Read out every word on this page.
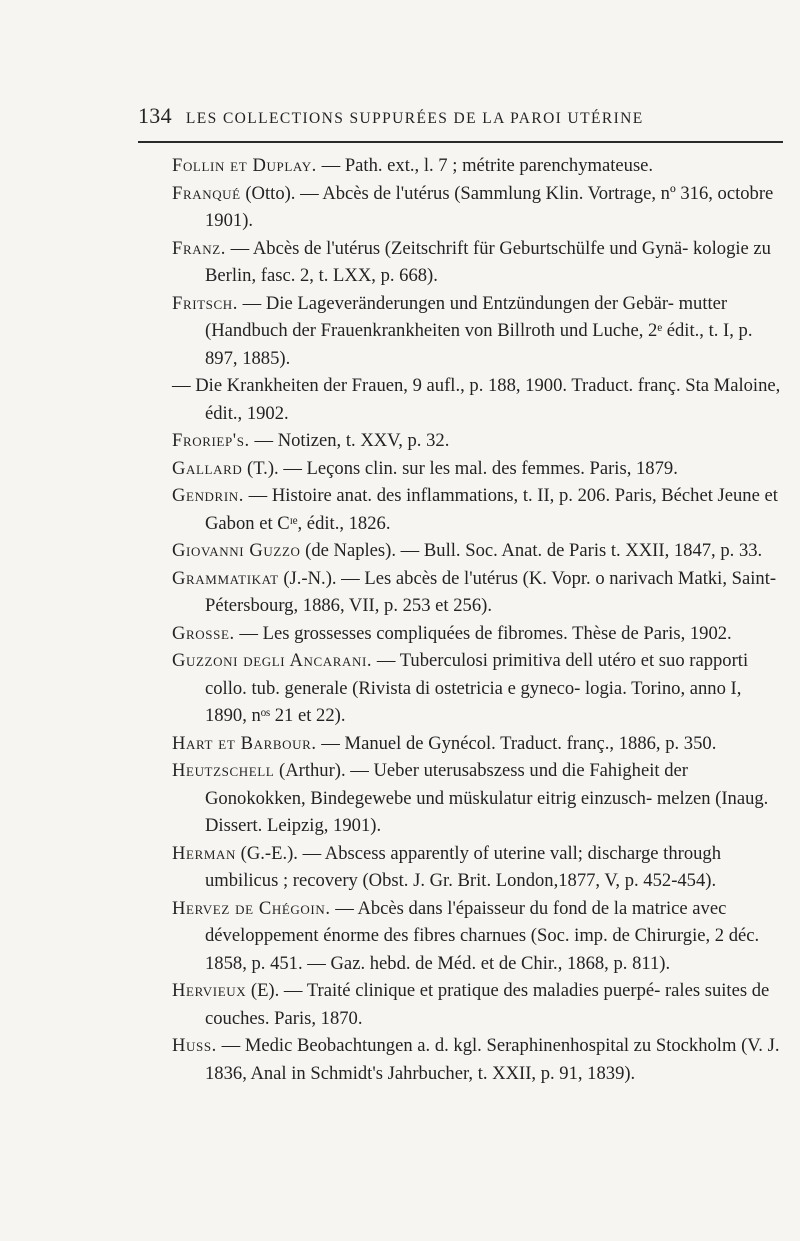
134 LES COLLECTIONS SUPPURÉES DE LA PAROI UTÉRINE

Follin et Duplay. — Path. ext., l. 7 ; métrite parenchymateuse.

Franqué (Otto). — Abcès de l'utérus (Sammlung Klin. Vortrage, nº 316, octobre 1901).

Franz. — Abcès de l'utérus (Zeitschrift für Geburtschülfe und Gynä- kologie zu Berlin, fasc. 2, t. LXX, p. 668).

Fritsch. — Die Lageveränderungen und Entzündungen der Gebär- mutter (Handbuch der Frauenkrankheiten von Billroth und Luche, 2ᵉ édit., t. I, p. 897, 1885).

— Die Krankheiten der Frauen, 9 aufl., p. 188, 1900. Traduct. franç. Sta Maloine, édit., 1902.

Froriep's. — Notizen, t. XXV, p. 32.

Gallard (T.). — Leçons clin. sur les mal. des femmes. Paris, 1879.

Gendrin. — Histoire anat. des inflammations, t. II, p. 206. Paris, Béchet Jeune et Gabon et Cᶦᵉ, édit., 1826.

Giovanni Guzzo (de Naples). — Bull. Soc. Anat. de Paris t. XXII, 1847, p. 33.

Grammatikat (J.-N.). — Les abcès de l'utérus (K. Vopr. o narivach Matki, Saint-Pétersbourg, 1886, VII, p. 253 et 256).

Grosse. — Les grossesses compliquées de fibromes. Thèse de Paris, 1902.

Guzzoni degli Ancarani. — Tuberculosi primitiva dell utéro et suo rapporti collo. tub. generale (Rivista di ostetricia e gyneco- logia. Torino, anno I, 1890, nᵒˢ 21 et 22).

Hart et Barbour. — Manuel de Gynécol. Traduct. franç., 1886, p. 350.

Heutzschell (Arthur). — Ueber uterusabszess und die Fahigheit der Gonokokken, Bindegewebe und müskulatur eitrig einzusch- melzen (Inaug. Dissert. Leipzig, 1901).

Herman (G.-E.). — Abscess apparently of uterine vall; discharge through umbilicus ; recovery (Obst. J. Gr. Brit. London,1877, V, p. 452-454).

Hervez de Chégoin. — Abcès dans l'épaisseur du fond de la matrice avec développement énorme des fibres charnues (Soc. imp. de Chirurgie, 2 déc. 1858, p. 451. — Gaz. hebd. de Méd. et de Chir., 1868, p. 811).

Hervieux (E). — Traité clinique et pratique des maladies puerpé- rales suites de couches. Paris, 1870.

Huss. — Medic Beobachtungen a. d. kgl. Seraphinenhospital zu Stockholm (V. J. 1836, Anal in Schmidt's Jahrbucher, t. XXII, p. 91, 1839).
